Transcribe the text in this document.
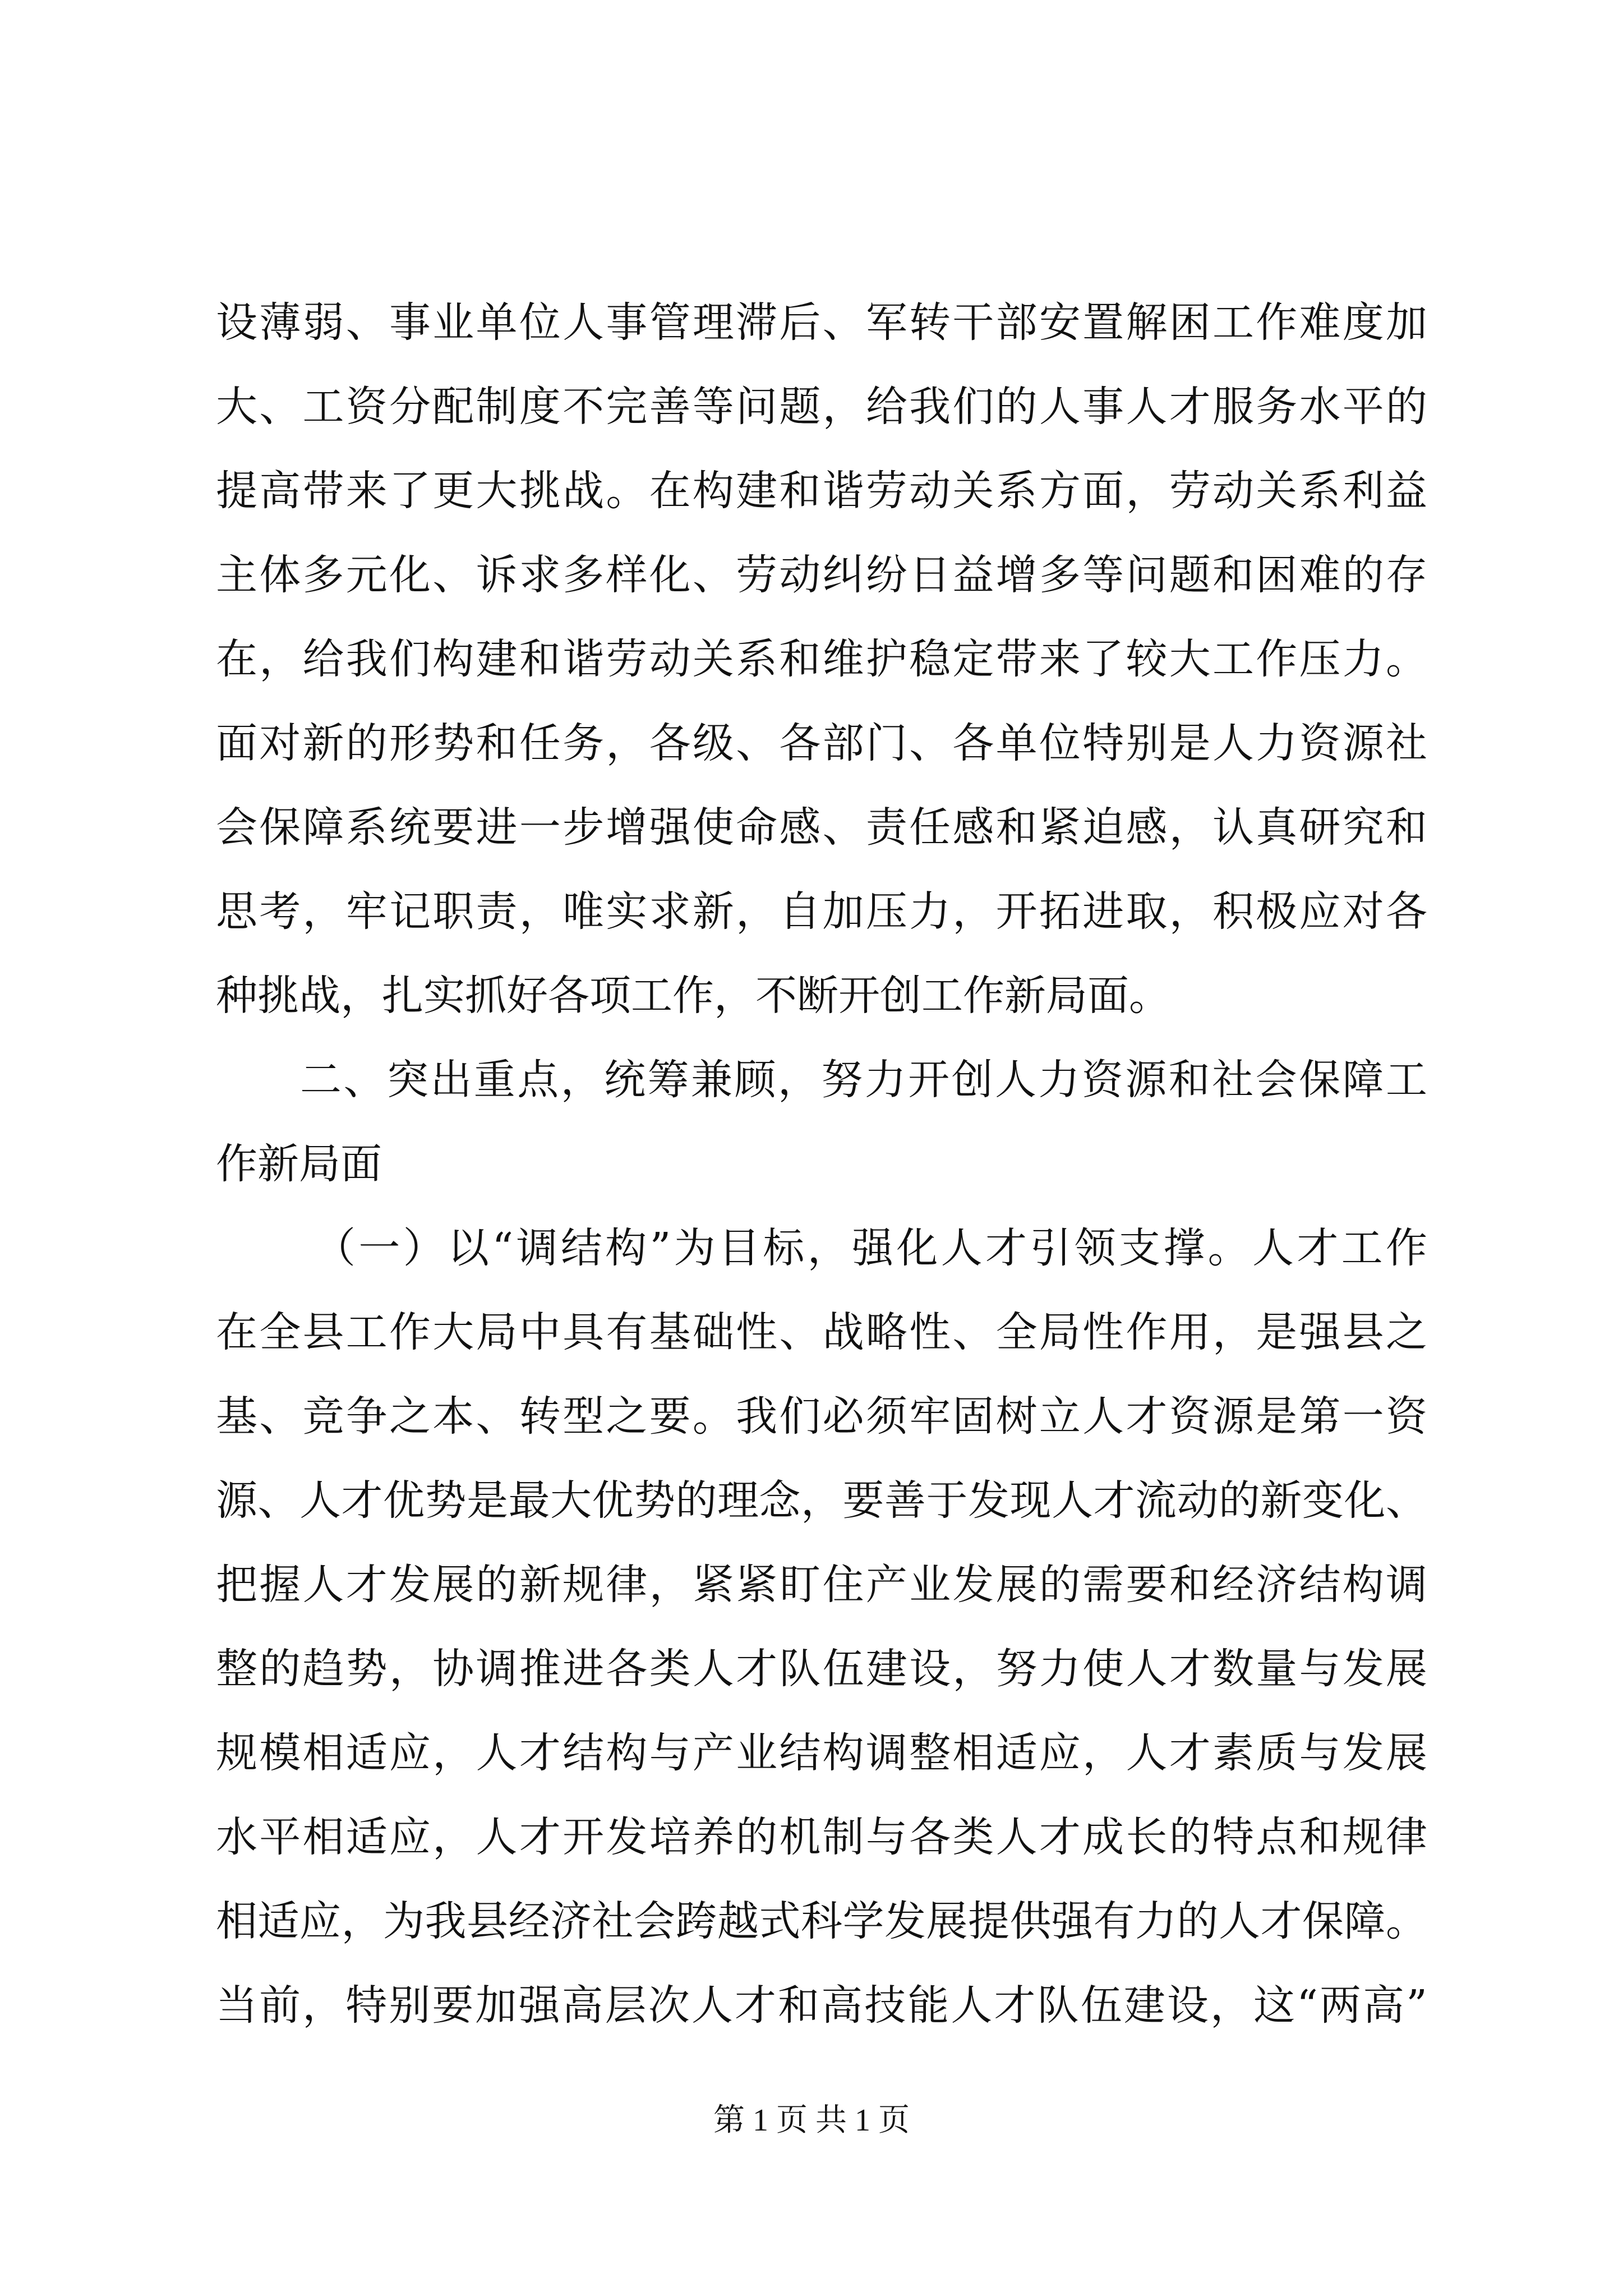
设薄弱、事业单位人事管理滞后、军转干部安置解困工作难度加
大、工资分配制度不完善等问题，给我们的人事人才服务水平的
提高带来了更大挑战。在构建和谐劳动关系方面，劳动关系利益
主体多元化、诉求多样化、劳动纠纷日益增多等问题和困难的存
在，给我们构建和谐劳动关系和维护稳定带来了较大工作压力。
面对新的形势和任务，各级、各部门、各单位特别是人力资源社
会保障系统要进一步增强使命感、责任感和紧迫感，认真研究和
思考，牢记职责，唯实求新，自加压力，开拓进取，积极应对各
种挑战，扎实抓好各项工作，不断开创工作新局面。
二、突出重点，统筹兼顾，努力开创人力资源和社会保障工
作新局面
（一）以“调结构”为目标，强化人才引领支撑。人才工作
在全县工作大局中具有基础性、战略性、全局性作用，是强县之
基、竞争之本、转型之要。我们必须牢固树立人才资源是第一资
源、人才优势是最大优势的理念，要善于发现人才流动的新变化、
把握人才发展的新规律，紧紧盯住产业发展的需要和经济结构调
整的趋势，协调推进各类人才队伍建设，努力使人才数量与发展
规模相适应，人才结构与产业结构调整相适应，人才素质与发展
水平相适应，人才开发培养的机制与各类人才成长的特点和规律
相适应，为我县经济社会跨越式科学发展提供强有力的人才保障。
当前，特别要加强高层次人才和高技能人才队伍建设，这“两高”
第 1 页 共 1 页
